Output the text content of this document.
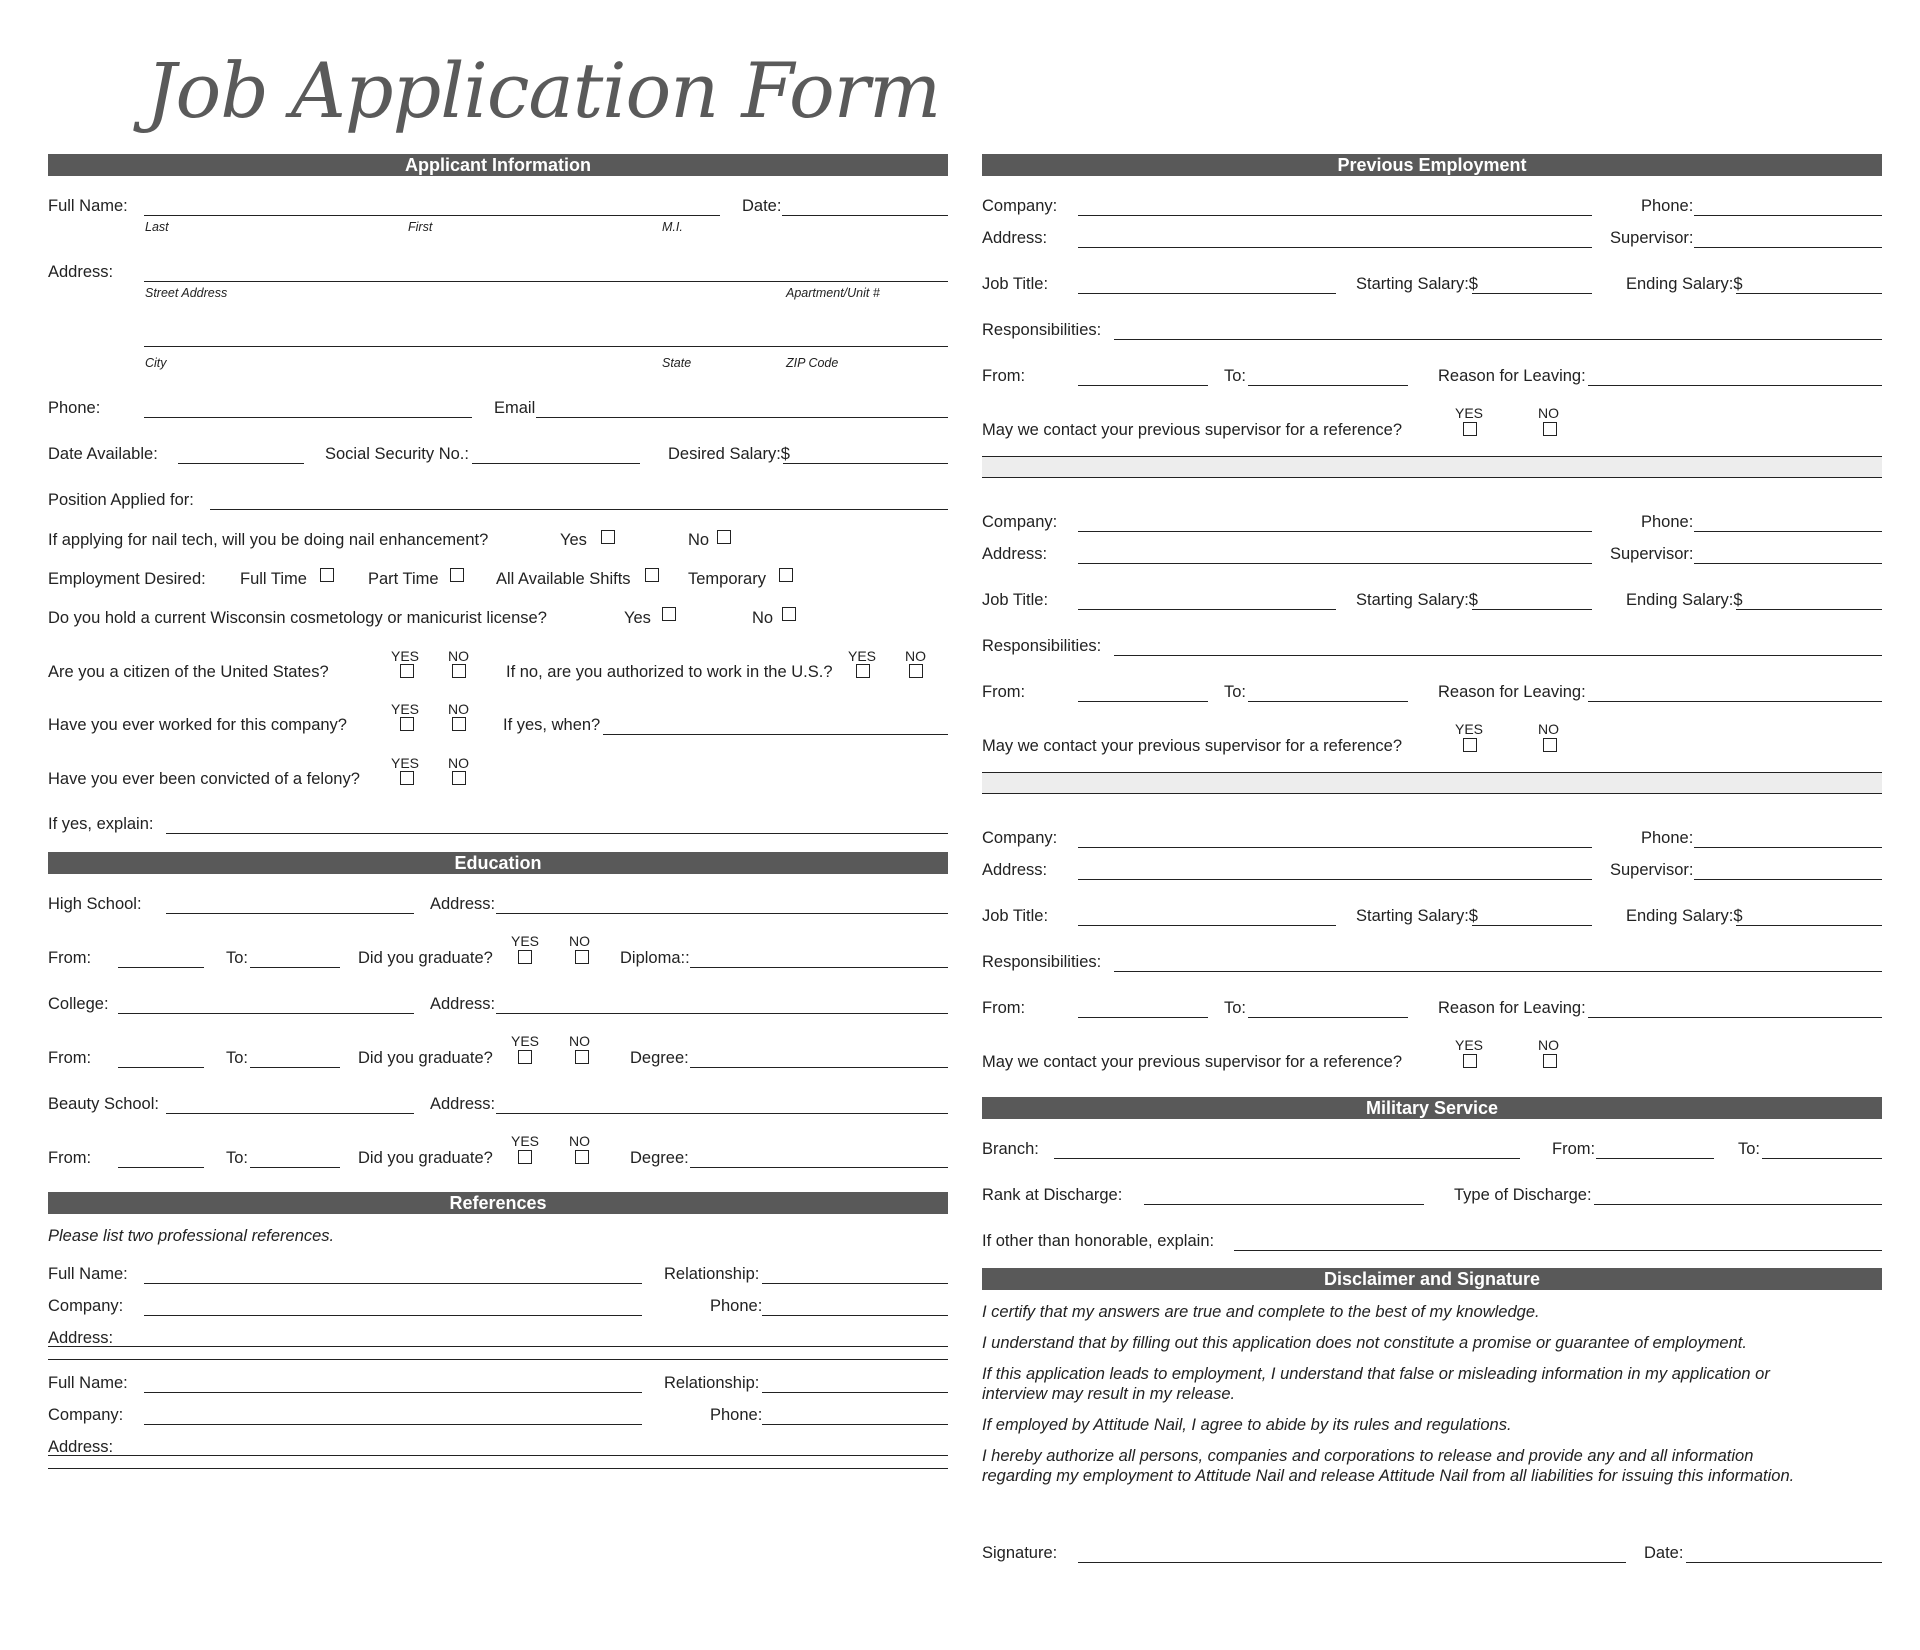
Job Application Form
Applicant Information
Full Name:	Date:
Last	First	M.I.
Address:
Street Address	Apartment/Unit #
City	State	ZIP Code
Phone:	Email
Date Available:	Social Security No.:	Desired Salary:$
Position Applied for:
If applying for nail tech, will you be doing nail enhancement?	Yes	No
Employment Desired: Full Time	Part Time	All Available Shifts	Temporary
Do you hold a current Wisconsin cosmetology or manicurist license?	Yes	No
YES NO
Are you a citizen of the United States?
YES NO
If no, are you authorized to work in the U.S.?
YES NO
Have you ever worked for this company?	If yes, when?
YES NO
Have you ever been convicted of a felony?
If yes, explain:
Education
High School:	Address:
YES NO
From:	To:	Did you graduate?	Diploma::
College:	Address:
YES NO
From:	To:	Did you graduate?	Degree:
Beauty School:	Address:
YES NO
From:	To:	Did you graduate?	Degree:
References
Please list two professional references.
Full Name:	Relationship:
Company:	Phone:
Address:
Full Name:	Relationship:
Company:	Phone:
Address:
Previous Employment
Company:	Phone:
Address:	Supervisor:
Job Title:	Starting Salary:$	Ending Salary:$
Responsibilities:
From:	To:	Reason for Leaving:
YES	NO
May we contact your previous supervisor for a reference?
Company:	Phone:
Address:	Supervisor:
Job Title:	Starting Salary:$	Ending Salary:$
Responsibilities:
From:	To:	Reason for Leaving:
YES	NO
May we contact your previous supervisor for a reference?
Company:	Phone:
Address:	Supervisor:
Job Title:	Starting Salary:$	Ending Salary:$
Responsibilities:
From:	To:	Reason for Leaving:
YES	NO
May we contact your previous supervisor for a reference?
Military Service
Branch:	From:	To:
Rank at Discharge:	Type of Discharge:
If other than honorable, explain:
Disclaimer and Signature
I certify that my answers are true and complete to the best of my knowledge.
I understand that by filling out this application does not constitute a promise or guarantee of employment.
If this application leads to employment, I understand that false or misleading information in my application or
interview may result in my release.
If employed by Attitude Nail, I agree to abide by its rules and regulations.
I hereby authorize all persons, companies and corporations to release and provide any and all information
regarding my employment to Attitude Nail and release Attitude Nail from all liabilities for issuing this information.
Signature:	Date:
